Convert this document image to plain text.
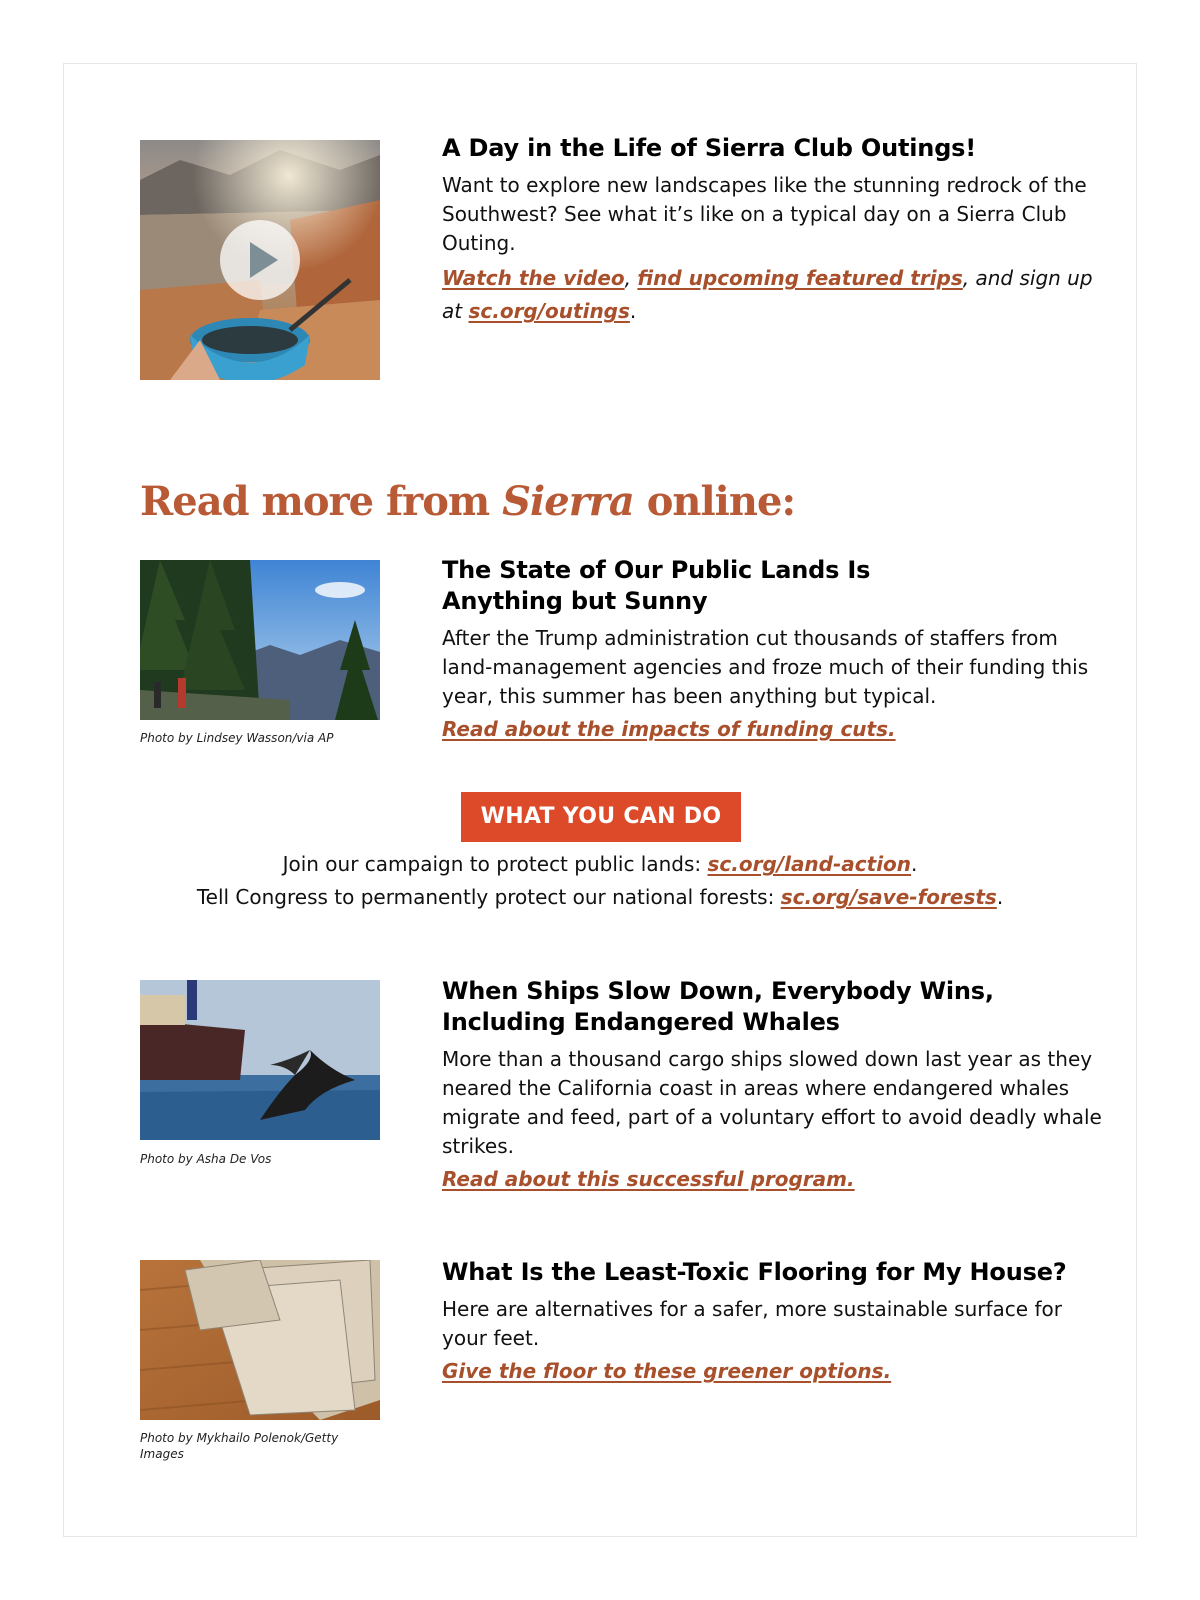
A Day in the Life of Sierra Club Outings!

Want to explore new landscapes like the stunning redrock of the Southwest? See what it’s like on a typical day on a Sierra Club Outing.

Watch the video, find upcoming featured trips, and sign up at sc.org/outings.

Read more from Sierra online:
Photo by Lindsey Wasson/via AP
The State of Our Public Lands Is Anything but Sunny

After the Trump administration cut thousands of staffers from land-management agencies and froze much of their funding this year, this summer has been anything but typical.

Read about the impacts of funding cuts.

WHAT YOU CAN DO
Join our campaign to protect public lands: sc.org/land-action.
Tell Congress to permanently protect our national forests: sc.org/save-forests.
Photo by Asha De Vos
When Ships Slow Down, Everybody Wins, Including Endangered Whales

More than a thousand cargo ships slowed down last year as they neared the California coast in areas where endangered whales migrate and feed, part of a voluntary effort to avoid deadly whale strikes.

Read about this successful program.

Photo by Mykhailo Polenok/Getty Images
What Is the Least-Toxic Flooring for My House?

Here are alternatives for a safer, more sustainable surface for your feet.

Give the floor to these greener options.
